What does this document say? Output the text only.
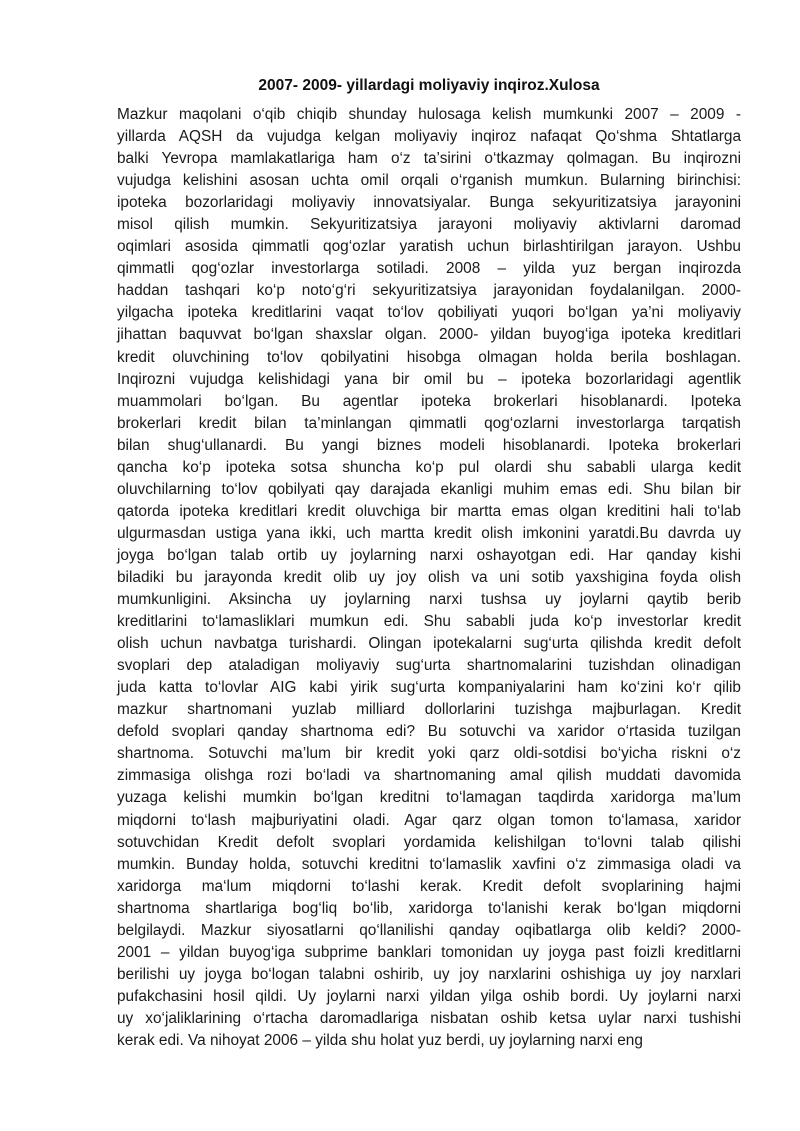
2007- 2009- yillardagi moliyaviy inqiroz.Xulosa
Mazkur maqolani o‘qib chiqib shunday hulosaga kelish mumkunki 2007 – 2009 -
yillarda AQSH da vujudga kelgan moliyaviy inqiroz nafaqat Qo‘shma Shtatlarga
balki Yevropa mamlakatlariga ham o‘z ta’sirini o‘tkazmay qolmagan. Bu inqirozni
vujudga kelishini asosan uchta omil orqali o‘rganish mumkun. Bularning birinchisi:
ipoteka bozorlaridagi moliyaviy innovatsiyalar. Bunga sekyuritizatsiya jarayonini
misol qilish mumkin. Sekyuritizatsiya jarayoni moliyaviy aktivlarni daromad
oqimlari asosida qimmatli qog‘ozlar yaratish uchun birlashtirilgan jarayon. Ushbu
qimmatli qog‘ozlar investorlarga sotiladi. 2008 – yilda yuz bergan inqirozda
haddan tashqari ko‘p noto‘g‘ri sekyuritizatsiya jarayonidan foydalanilgan. 2000-
yilgacha ipoteka kreditlarini vaqat to‘lov qobiliyati yuqori bo‘lgan ya’ni moliyaviy
jihattan baquvvat bo‘lgan shaxslar olgan. 2000- yildan buyog‘iga ipoteka kreditlari
kredit oluvchining to‘lov qobilyatini hisobga olmagan holda berila boshlagan.
Inqirozni vujudga kelishidagi yana bir omil bu – ipoteka bozorlaridagi agentlik
muammolari bo‘lgan. Bu agentlar ipoteka brokerlari hisoblanardi. Ipoteka
brokerlari kredit bilan ta’minlangan qimmatli qog‘ozlarni investorlarga tarqatish
bilan shug‘ullanardi. Bu yangi biznes modeli hisoblanardi. Ipoteka brokerlari
qancha ko‘p ipoteka sotsa shuncha ko‘p pul olardi shu sababli ularga kedit
oluvchilarning to‘lov qobilyati qay darajada ekanligi muhim emas edi. Shu bilan bir
qatorda ipoteka kreditlari kredit oluvchiga bir martta emas olgan kreditini hali to‘lab
ulgurmasdan ustiga yana ikki, uch martta kredit olish imkonini yaratdi.Bu davrda uy
joyga bo‘lgan talab ortib uy joylarning narxi oshayotgan edi. Har qanday kishi
biladiki bu jarayonda kredit olib uy joy olish va uni sotib yaxshigina foyda olish
mumkunligini. Aksincha uy joylarning narxi tushsa uy joylarni qaytib berib
kreditlarini to‘lamasliklari mumkun edi. Shu sababli juda ko‘p investorlar kredit
olish uchun navbatga turishardi. Olingan ipotekalarni sug‘urta qilishda kredit defolt
svoplari dep ataladigan moliyaviy sug‘urta shartnomalarini tuzishdan olinadigan
juda katta to‘lovlar AIG kabi yirik sug‘urta kompaniyalarini ham ko‘zini ko‘r qilib
mazkur shartnomani yuzlab milliard dollorlarini tuzishga majburlagan. Kredit
defold svoplari qanday shartnoma edi? Bu sotuvchi va xaridor o‘rtasida tuzilgan
shartnoma. Sotuvchi ma’lum bir kredit yoki qarz oldi-sotdisi bo‘yicha riskni o‘z
zimmasiga olishga rozi bo‘ladi va shartnomaning amal qilish muddati davomida
yuzaga kelishi mumkin bo‘lgan kreditni to‘lamagan taqdirda xaridorga ma’lum
miqdorni to‘lash majburiyatini oladi. Agar qarz olgan tomon to‘lamasa, xaridor
sotuvchidan Kredit defolt svoplari yordamida kelishilgan to‘lovni talab qilishi
mumkin. Bunday holda, sotuvchi kreditni to‘lamaslik xavfini o‘z zimmasiga oladi va
xaridorga ma‘lum miqdorni to‘lashi kerak. Kredit defolt svoplarining hajmi
shartnoma shartlariga bog‘liq bo‘lib, xaridorga to‘lanishi kerak bo‘lgan miqdorni
belgilaydi. Mazkur siyosatlarni qo‘llanilishi qanday oqibatlarga olib keldi? 2000-
2001 – yildan buyog‘iga subprime banklari tomonidan uy joyga past foizli kreditlarni
berilishi uy joyga bo‘logan talabni oshirib, uy joy narxlarini oshishiga uy joy narxlari
pufakchasini hosil qildi. Uy joylarni narxi yildan yilga oshib bordi. Uy joylarni narxi
uy xo‘jaliklarining o‘rtacha daromadlariga nisbatan oshib ketsa uylar narxi tushishi
kerak edi. Va nihoyat 2006 – yilda shu holat yuz berdi, uy joylarning narxi eng
